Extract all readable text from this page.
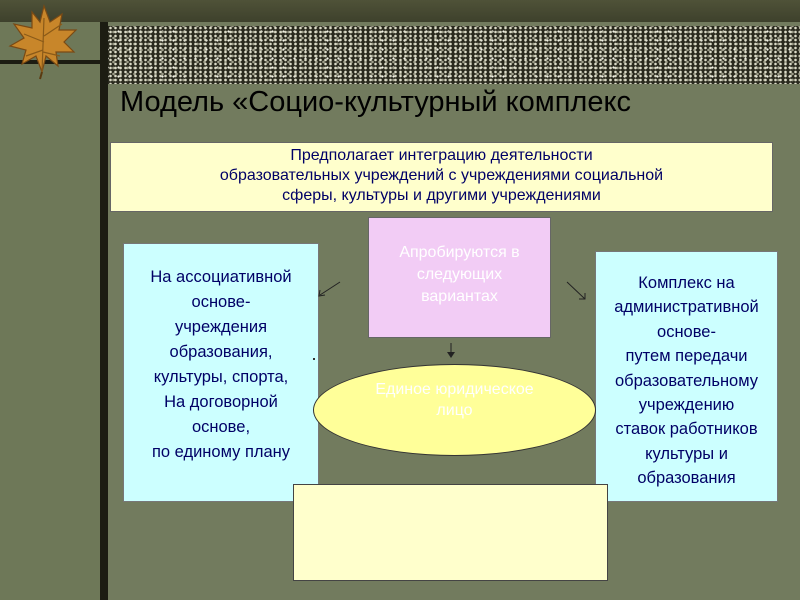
Модель «Социо-культурный комплекс
Предполагает интеграцию деятельности
образовательных учреждений с учреждениями социальной
сферы, культуры и другими учреждениями
Апробируются в
следующих
вариантах
На ассоциативной
основе-
учреждения
образования,
культуры, спорта,
На договорной
основе,
по единому плану
Комплекс на
административной
основе-
путем передачи
образовательному
учреждению
ставок работников
культуры и
образования
Единое юридическое
лицо
